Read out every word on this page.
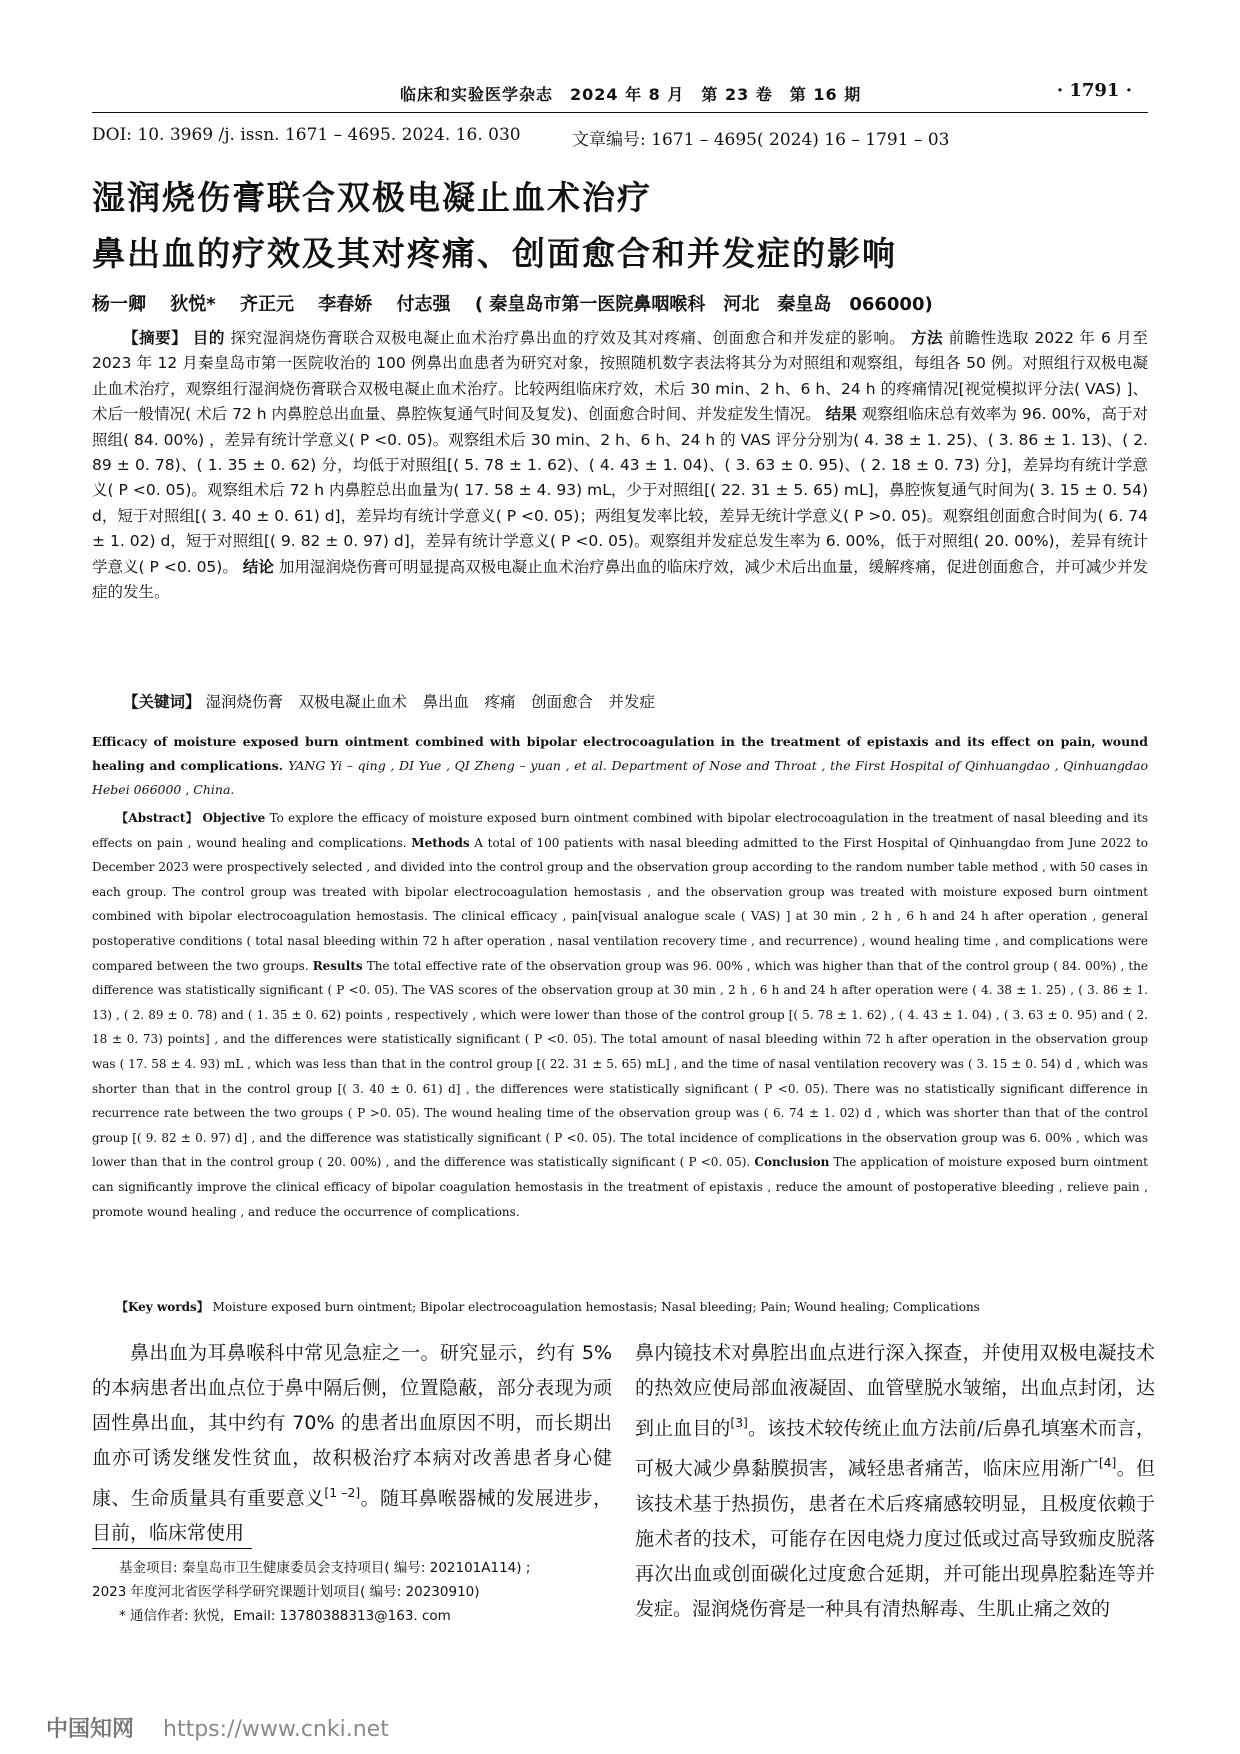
临床和实验医学杂志　2024 年 8 月　第 23 卷　第 16 期	· 1791 ·
DOI: 10. 3969 /j. issn. 1671 – 4695. 2024. 16. 030	文章编号: 1671 – 4695( 2024) 16 – 1791 – 03
湿润烧伤膏联合双极电凝止血术治疗
鼻出血的疗效及其对疼痛、创面愈合和并发症的影响
杨一卿 狄悦* 齐正元 李春娇 付志强 ( 秦皇岛市第一医院鼻咽喉科　河北　秦皇岛　066000)
【摘要】 目的 探究湿润烧伤膏联合双极电凝止血术治疗鼻出血的疗效及其对疼痛、创面愈合和并发症的影响。 方法 前瞻性选取 2022 年 6 月至 2023 年 12 月秦皇岛市第一医院收治的 100 例鼻出血患者为研究对象，按照随机数字表法将其分为对照组和观察组，每组各 50 例。对照组行双极电凝止血术治疗，观察组行湿润烧伤膏联合双极电凝止血术治疗。比较两组临床疗效，术后 30 min、2 h、6 h、24 h 的疼痛情况[视觉模拟评分法( VAS) ]、术后一般情况( 术后 72 h 内鼻腔总出血量、鼻腔恢复通气时间及复发)、创面愈合时间、并发症发生情况。 结果 观察组临床总有效率为 96. 00%，高于对照组( 84. 00%) ，差异有统计学意义( P <0. 05)。观察组术后 30 min、2 h、6 h、24 h 的 VAS 评分分别为( 4. 38 ± 1. 25)、( 3. 86 ± 1. 13)、( 2. 89 ± 0. 78)、( 1. 35 ± 0. 62) 分，均低于对照组[( 5. 78 ± 1. 62)、( 4. 43 ± 1. 04)、( 3. 63 ± 0. 95)、( 2. 18 ± 0. 73) 分]，差异均有统计学意义( P <0. 05)。观察组术后 72 h 内鼻腔总出血量为( 17. 58 ± 4. 93) mL，少于对照组[( 22. 31 ± 5. 65) mL]，鼻腔恢复通气时间为( 3. 15 ± 0. 54) d，短于对照组[( 3. 40 ± 0. 61) d]，差异均有统计学意义( P <0. 05)；两组复发率比较，差异无统计学意义( P >0. 05)。观察组创面愈合时间为( 6. 74 ± 1. 02) d，短于对照组[( 9. 82 ± 0. 97) d]，差异有统计学意义( P <0. 05)。观察组并发症总发生率为 6. 00%，低于对照组( 20. 00%)，差异有统计学意义( P <0. 05)。 结论 加用湿润烧伤膏可明显提高双极电凝止血术治疗鼻出血的临床疗效，减少术后出血量，缓解疼痛，促进创面愈合，并可减少并发症的发生。
【关键词】 湿润烧伤膏　双极电凝止血术　鼻出血　疼痛　创面愈合　并发症
Efficacy of moisture exposed burn ointment combined with bipolar electrocoagulation in the treatment of epistaxis and its effect on pain, wound healing and complications. YANG Yi – qing , DI Yue , QI Zheng – yuan , et al. Department of Nose and Throat , the First Hospital of Qinhuangdao , Qinhuangdao Hebei 066000 , China.
【Abstract】 Objective To explore the efficacy of moisture exposed burn ointment combined with bipolar electrocoagulation in the treatment of nasal bleeding and its effects on pain , wound healing and complications. Methods A total of 100 patients with nasal bleeding admitted to the First Hospital of Qinhuangdao from June 2022 to December 2023 were prospectively selected , and divided into the control group and the observation group according to the random number table method , with 50 cases in each group. The control group was treated with bipolar electrocoagulation hemostasis , and the observation group was treated with moisture exposed burn ointment combined with bipolar electrocoagulation hemostasis. The clinical efficacy , pain[visual analogue scale ( VAS) ] at 30 min , 2 h , 6 h and 24 h after operation , general postoperative conditions ( total nasal bleeding within 72 h after operation , nasal ventilation recovery time , and recurrence) , wound healing time , and complications were compared between the two groups. Results The total effective rate of the observation group was 96. 00% , which was higher than that of the control group ( 84. 00%) , the difference was statistically significant ( P <0. 05). The VAS scores of the observation group at 30 min , 2 h , 6 h and 24 h after operation were ( 4. 38 ± 1. 25) , ( 3. 86 ± 1. 13) , ( 2. 89 ± 0. 78) and ( 1. 35 ± 0. 62) points , respectively , which were lower than those of the control group [( 5. 78 ± 1. 62) , ( 4. 43 ± 1. 04) , ( 3. 63 ± 0. 95) and ( 2. 18 ± 0. 73) points] , and the differences were statistically significant ( P <0. 05). The total amount of nasal bleeding within 72 h after operation in the observation group was ( 17. 58 ± 4. 93) mL , which was less than that in the control group [( 22. 31 ± 5. 65) mL] , and the time of nasal ventilation recovery was ( 3. 15 ± 0. 54) d , which was shorter than that in the control group [( 3. 40 ± 0. 61) d] , the differences were statistically significant ( P <0. 05). There was no statistically significant difference in recurrence rate between the two groups ( P >0. 05). The wound healing time of the observation group was ( 6. 74 ± 1. 02) d , which was shorter than that of the control group [( 9. 82 ± 0. 97) d] , and the difference was statistically significant ( P <0. 05). The total incidence of complications in the observation group was 6. 00% , which was lower than that in the control group ( 20. 00%) , and the difference was statistically significant ( P <0. 05). Conclusion The application of moisture exposed burn ointment can significantly improve the clinical efficacy of bipolar coagulation hemostasis in the treatment of epistaxis , reduce the amount of postoperative bleeding , relieve pain , promote wound healing , and reduce the occurrence of complications.
【Key words】 Moisture exposed burn ointment; Bipolar electrocoagulation hemostasis; Nasal bleeding; Pain; Wound healing; Complications
鼻出血为耳鼻喉科中常见急症之一。研究显示，约有 5% 的本病患者出血点位于鼻中隔后侧，位置隐蔽，部分表现为顽固性鼻出血，其中约有 70% 的患者出血原因不明，而长期出血亦可诱发继发性贫血，故积极治疗本病对改善患者身心健康、生命质量具有重要意义[1 –2]。随耳鼻喉器械的发展进步，目前，临床常使用
鼻内镜技术对鼻腔出血点进行深入探查，并使用双极电凝技术的热效应使局部血液凝固、血管壁脱水皱缩，出血点封闭，达到止血目的[3]。该技术较传统止血方法前/后鼻孔填塞术而言，可极大减少鼻黏膜损害，减轻患者痛苦，临床应用渐广[4]。但该技术基于热损伤，患者在术后疼痛感较明显，且极度依赖于施术者的技术，可能存在因电烧力度过低或过高导致痂皮脱落再次出血或创面碳化过度愈合延期，并可能出现鼻腔黏连等并发症。湿润烧伤膏是一种具有清热解毒、生肌止痛之效的
基金项目: 秦皇岛市卫生健康委员会支持项目( 编号: 202101A114) ;
2023 年度河北省医学科学研究课题计划项目( 编号: 20230910)
* 通信作者: 狄悦，Email: 13780388313@163. com
中国知网 https://www.cnki.net
